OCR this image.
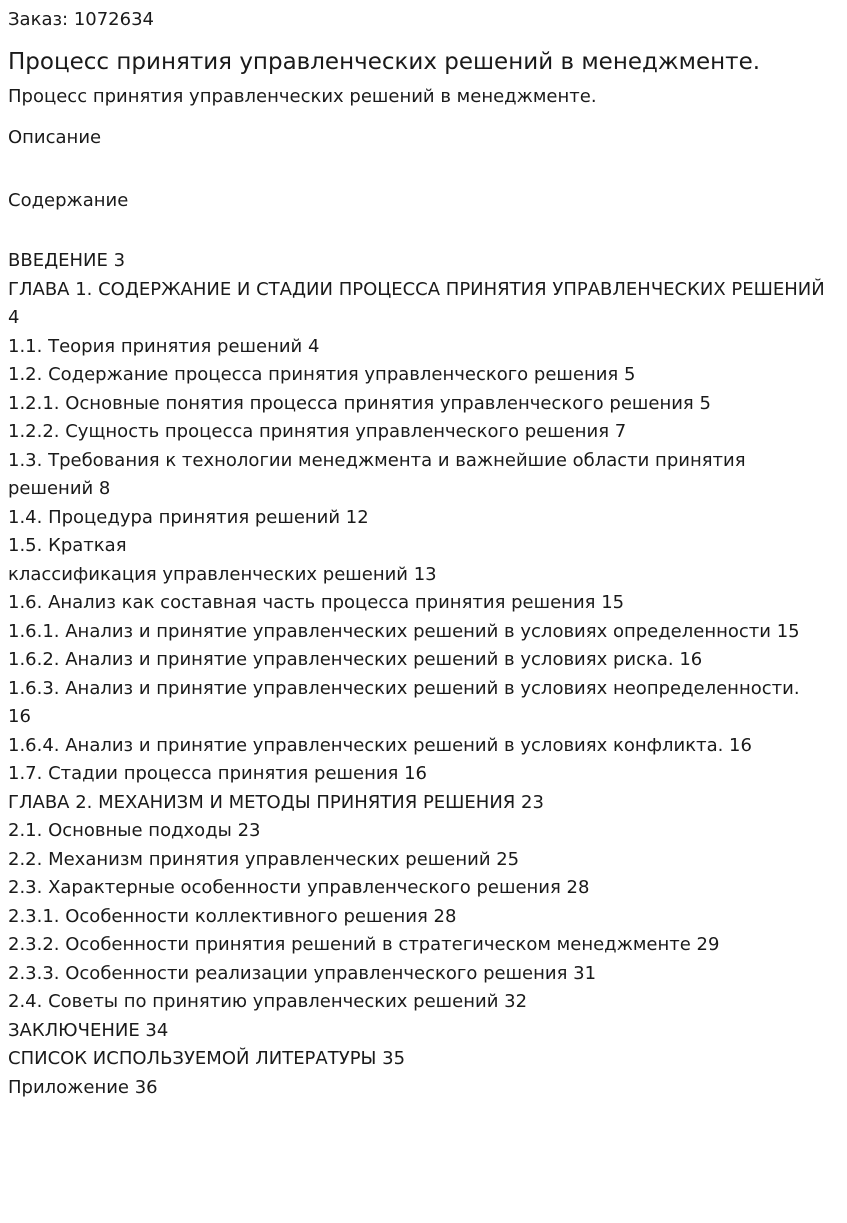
Заказ: 1072634

Процесс принятия управленческих решений в менеджменте.

Процесс принятия управленческих решений в менеджменте.

Описание

Содержание

ВВЕДЕНИЕ 3
ГЛАВА 1. СОДЕРЖАНИЕ И СТАДИИ ПРОЦЕССА ПРИНЯТИЯ УПРАВЛЕНЧЕСКИХ РЕШЕНИЙ 4
1.1. Теория принятия решений 4
1.2. Содержание процесса принятия управленческого решения 5
1.2.1. Основные понятия процесса принятия управленческого решения 5
1.2.2. Сущность процесса принятия управленческого решения 7
1.3. Требования к технологии менеджмента и важнейшие области принятия решений 8
1.4. Процедура принятия решений 12
1.5. Краткая
классификация управленческих решений 13
1.6. Анализ как составная часть процесса принятия решения 15
1.6.1. Анализ и принятие управленческих решений в условиях определенности 15
1.6.2. Анализ и принятие управленческих решений в условиях риска. 16
1.6.3. Анализ и принятие управленческих решений в условиях неопределенности. 16
1.6.4. Анализ и принятие управленческих решений в условиях конфликта. 16
1.7. Стадии процесса принятия решения 16
ГЛАВА 2. МЕХАНИЗМ И МЕТОДЫ ПРИНЯТИЯ РЕШЕНИЯ 23
2.1. Основные подходы 23
2.2. Механизм принятия управленческих решений 25
2.3. Характерные особенности управленческого решения 28
2.3.1. Особенности коллективного решения 28
2.3.2. Особенности принятия решений в стратегическом менеджменте 29
2.3.3. Особенности реализации управленческого решения 31
2.4. Советы по принятию управленческих решений 32
ЗАКЛЮЧЕНИЕ 34
СПИСОК ИСПОЛЬЗУЕМОЙ ЛИТЕРАТУРЫ 35
Приложение 36
